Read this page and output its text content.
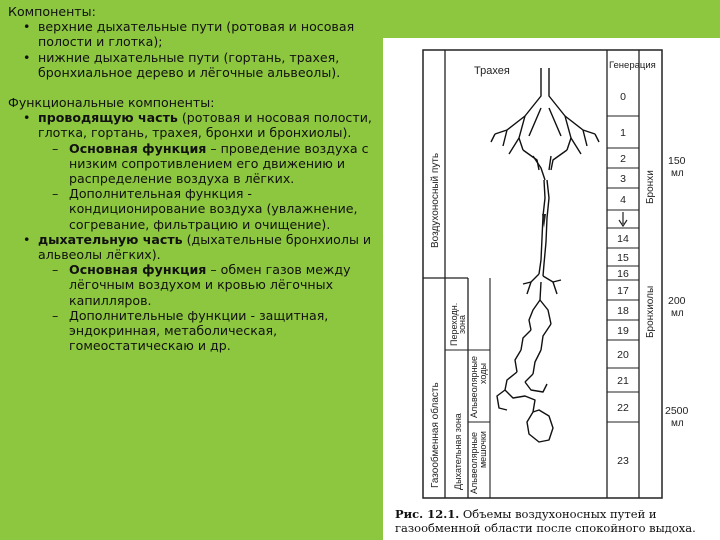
Компоненты:

• верхние дыхательные пути (ротовая и носовая полости и глотка);

• нижние дыхательные пути (гортань, трахея, бронхиальное дерево и лёгочные альвеолы).

Функциональные компоненты:

• проводящую часть (ротовая и носовая полости, глотка, гортань, трахея, бронхи и бронхиолы).

– Основная функция – проведение воздуха с низким сопротивлением его движению и распределение воздуха в лёгких.

– Дополнительная функция - кондиционирование воздуха (увлажнение, согревание, фильтрацию и очищение).

• дыхательную часть (дыхательные бронхиолы и альвеолы лёгких).

– Основная функция – обмен газов между лёгочным воздухом и кровью лёгочных капилляров.

– Дополнительные функции - защитная, эндокринная, метаболическая, гомеостатическаю и др.

0
1
2
3
4
14
15
16
17
18
19
20
21
22
23
Трахея	Генерация
Воздухоносный путь
Газообменная область
Переходн.
зона
Дыхательная зона
Альвеолярные ходы
Альвеолярные мешочки
Бронхи
Бронхиолы
150
мл
200
мл
2500
мл
Рис. 12.1. Объемы воздухоносных путей и газообменной области после спокойного выдоха.
